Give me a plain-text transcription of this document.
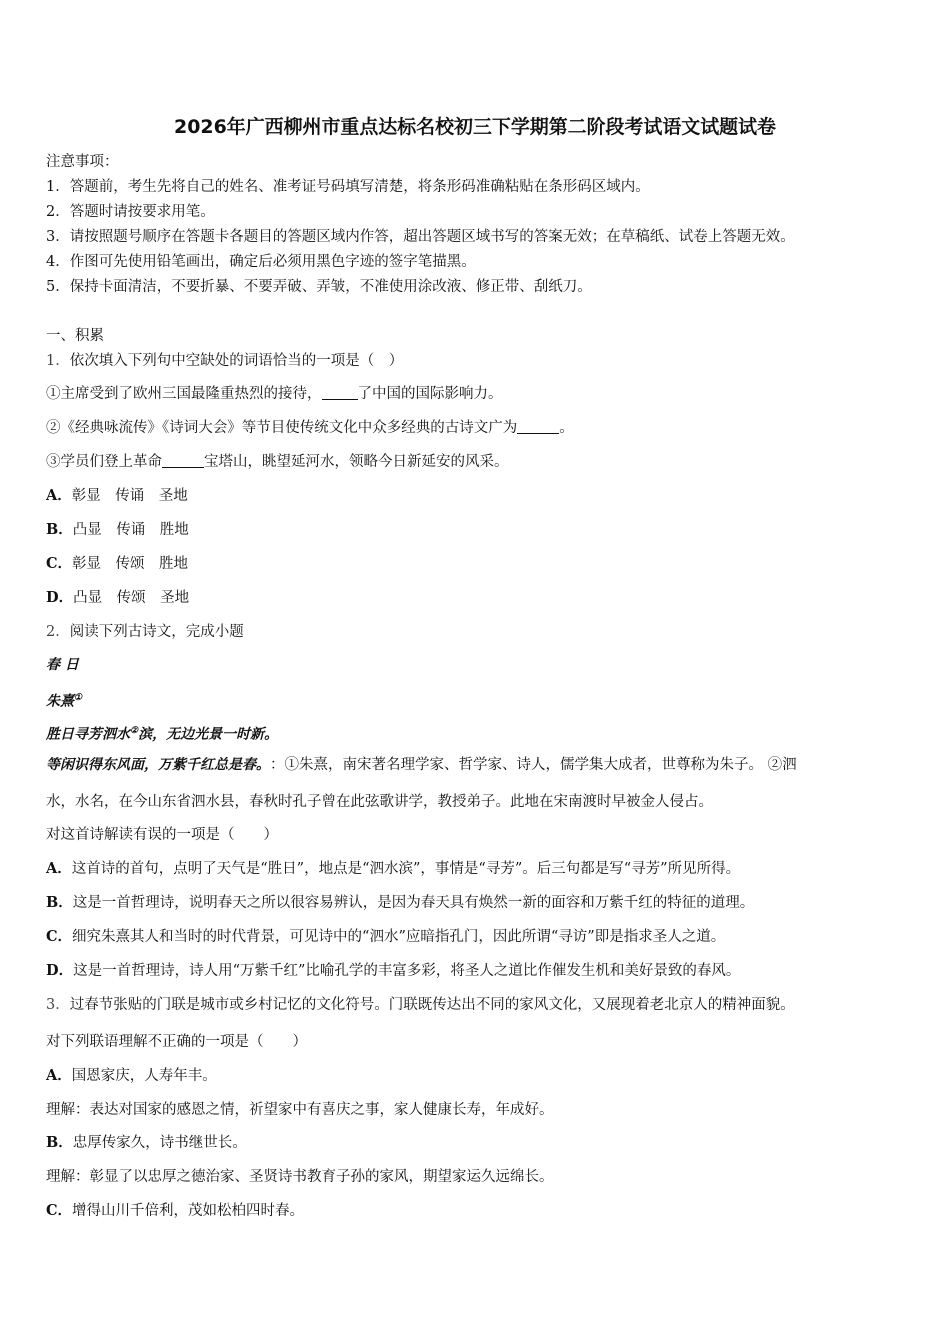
2026年广西柳州市重点达标名校初三下学期第二阶段考试语文试题试卷
注意事项：
1．答题前，考生先将自己的姓名、准考证号码填写清楚，将条形码准确粘贴在条形码区域内。
2．答题时请按要求用笔。
3．请按照题号顺序在答题卡各题目的答题区域内作答，超出答题区域书写的答案无效；在草稿纸、试卷上答题无效。
4．作图可先使用铅笔画出，确定后必须用黑色字迹的签字笔描黑。
5．保持卡面清洁，不要折暴、不要弄破、弄皱，不准使用涂改液、修正带、刮纸刀。
一、积累
1．依次填入下列句中空缺处的词语恰当的一项是（　）
①主席受到了欧州三国最隆重热烈的接待， 了中国的国际影响力。
②《经典咏流传》《诗词大会》等节目使传统文化中众多经典的古诗文广为	。
③学员们登上革命	宝塔山，眺望延河水，领略今日新延安的风采。
A．彰显　传诵　圣地
B．凸显　传诵　胜地
C．彰显　传颂　胜地
D．凸显　传颂　圣地
2．阅读下列古诗文，完成小题
春 日
朱熹①
胜日寻芳泗水②滨，无边光景一时新。
等闲识得东风面，万紫千红总是春。：①朱熹，南宋著名理学家、哲学家、诗人，儒学集大成者，世尊称为朱子。 ②泗
水，水名，在今山东省泗水县，春秋时孔子曾在此弦歌讲学，教授弟子。此地在宋南渡时早被金人侵占。
对这首诗解读有误的一项是（　　）
A．这首诗的首句，点明了天气是“胜日”，地点是“泗水滨”，事情是“寻芳”。后三句都是写“寻芳”所见所得。
B．这是一首哲理诗，说明春天之所以很容易辨认，是因为春天具有焕然一新的面容和万紫千红的特征的道理。
C．细究朱熹其人和当时的时代背景，可见诗中的“泗水”应暗指孔门，因此所谓“寻访”即是指求圣人之道。
D．这是一首哲理诗，诗人用“万紫千红”比喻孔学的丰富多彩，将圣人之道比作催发生机和美好景致的春风。
3．过春节张贴的门联是城市或乡村记忆的文化符号。门联既传达出不同的家风文化，又展现着老北京人的精神面貌。
对下列联语理解不正确的一项是（　　）
A．国恩家庆，人寿年丰。
理解：表达对国家的感恩之情，祈望家中有喜庆之事，家人健康长寿，年成好。
B．忠厚传家久，诗书继世长。
理解：彰显了以忠厚之德治家、圣贤诗书教育子孙的家风，期望家运久远绵长。
C．增得山川千倍利，茂如松柏四时春。
